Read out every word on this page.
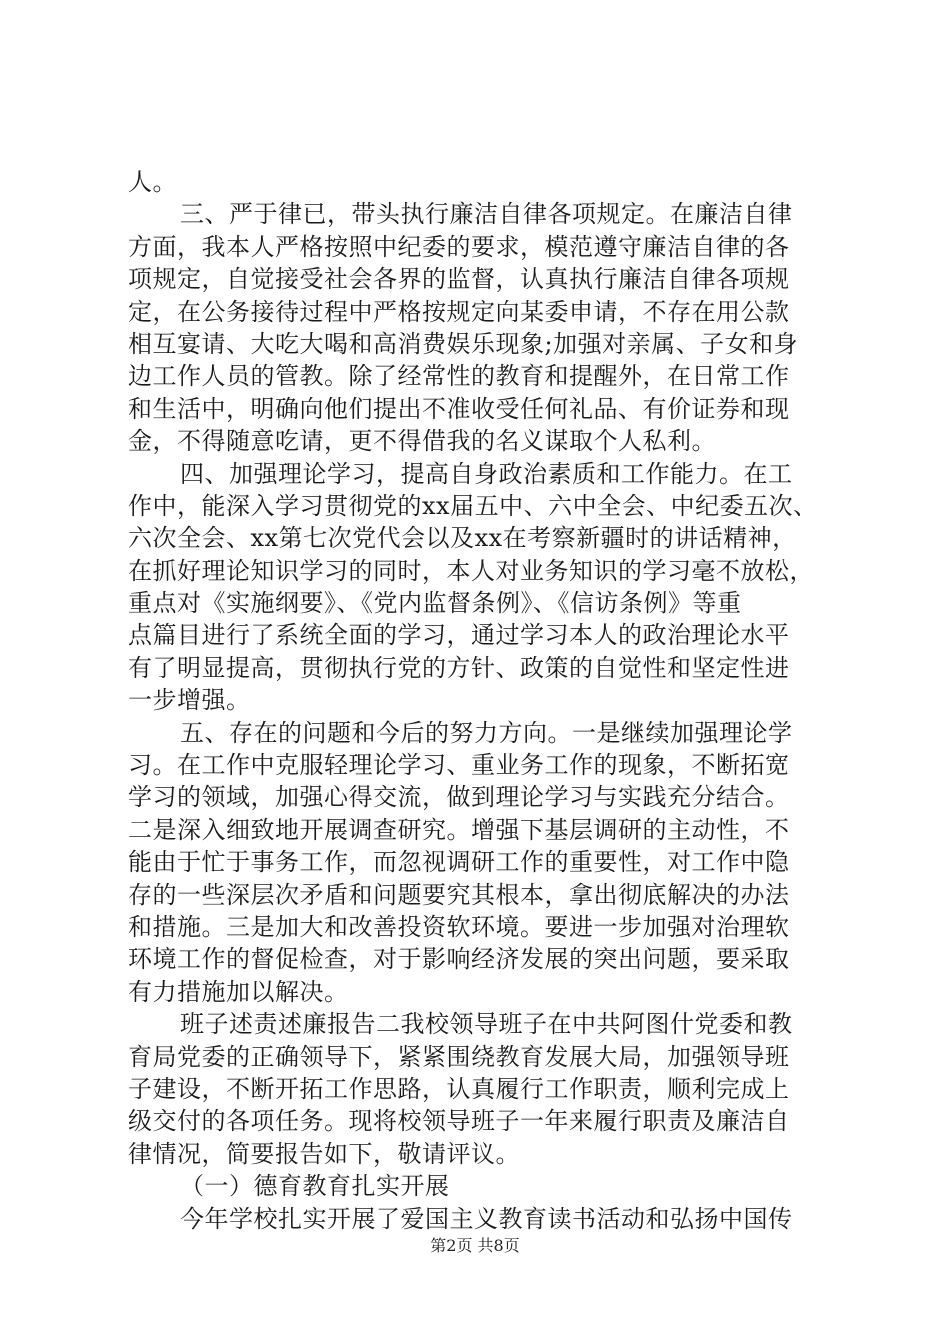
人。
三、严于律已，带头执行廉洁自律各项规定。在廉洁自律
方面，我本人严格按照中纪委的要求，模范遵守廉洁自律的各
项规定，自觉接受社会各界的监督，认真执行廉洁自律各项规
定，在公务接待过程中严格按规定向某委申请，不存在用公款
相互宴请、大吃大喝和高消费娱乐现象;加强对亲属、子女和身
边工作人员的管教。除了经常性的教育和提醒外，在日常工作
和生活中，明确向他们提出不准收受任何礼品、有价证券和现
金，不得随意吃请，更不得借我的名义谋取个人私利。
四、加强理论学习，提高自身政治素质和工作能力。在工
作中，能深入学习贯彻党的xx届五中、六中全会、中纪委五次、
六次全会、xx第七次党代会以及xx在考察新疆时的讲话精神，
在抓好理论知识学习的同时，本人对业务知识的学习毫不放松，
重点对《实施纲要》、《党内监督条例》、《信访条例》等重
点篇目进行了系统全面的学习，通过学习本人的政治理论水平
有了明显提高，贯彻执行党的方针、政策的自觉性和坚定性进
一步增强。
五、存在的问题和今后的努力方向。一是继续加强理论学
习。在工作中克服轻理论学习、重业务工作的现象，不断拓宽
学习的领域，加强心得交流，做到理论学习与实践充分结合。
二是深入细致地开展调查研究。增强下基层调研的主动性，不
能由于忙于事务工作，而忽视调研工作的重要性，对工作中隐
存的一些深层次矛盾和问题要究其根本，拿出彻底解决的办法
和措施。三是加大和改善投资软环境。要进一步加强对治理软
环境工作的督促检查，对于影响经济发展的突出问题，要采取
有力措施加以解决。
班子述责述廉报告二我校领导班子在中共阿图什党委和教
育局党委的正确领导下，紧紧围绕教育发展大局，加强领导班
子建设，不断开拓工作思路，认真履行工作职责，顺利完成上
级交付的各项任务。现将校领导班子一年来履行职责及廉洁自
律情况，简要报告如下，敬请评议。
（一）德育教育扎实开展
今年学校扎实开展了爱国主义教育读书活动和弘扬中国传
第2页 共8页
